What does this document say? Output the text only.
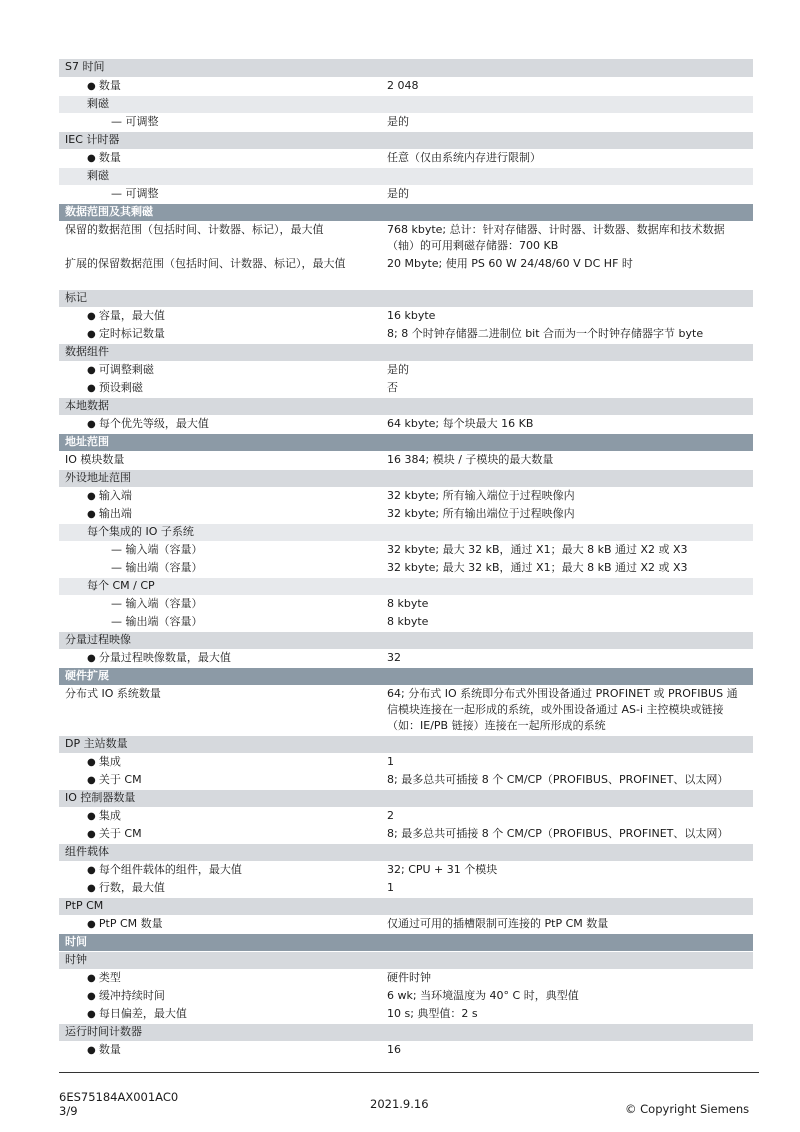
S7 时间	
● 数量	2 048
剩磁	
— 可调整	是的
IEC 计时器	
● 数量	任意（仅由系统内存进行限制）
剩磁	
— 可调整	是的
数据范围及其剩磁	
保留的数据范围（包括时间、计数器、标记），最大值	768 kbyte; 总计：针对存储器、计时器、计数器、数据库和技术数据（轴）的可用剩磁存储器：700 KB
扩展的保留数据范围（包括时间、计数器、标记），最大值	20 Mbyte; 使用 PS 60 W 24/48/60 V DC HF 时
标记	
● 容量，最大值	16 kbyte
● 定时标记数量	8; 8 个时钟存储器二进制位 bit 合而为一个时钟存储器字节 byte
数据组件	
● 可调整剩磁	是的
● 预设剩磁	否
本地数据	
● 每个优先等级，最大值	64 kbyte; 每个块最大 16 KB
地址范围	
IO 模块数量	16 384; 模块 / 子模块的最大数量
外设地址范围	
● 输入端	32 kbyte; 所有输入端位于过程映像内
● 输出端	32 kbyte; 所有输出端位于过程映像内
每个集成的 IO 子系统	
— 输入端（容量）	32 kbyte; 最大 32 kB，通过 X1；最大 8 kB 通过 X2 或 X3
— 输出端（容量）	32 kbyte; 最大 32 kB，通过 X1；最大 8 kB 通过 X2 或 X3
每个 CM / CP	
— 输入端（容量）	8 kbyte
— 输出端（容量）	8 kbyte
分量过程映像	
● 分量过程映像数量，最大值	32
硬件扩展	
分布式 IO 系统数量	64; 分布式 IO 系统即分布式外围设备通过 PROFINET 或 PROFIBUS 通信模块连接在一起形成的系统，或外围设备通过 AS-i 主控模块或链接（如：IE/PB 链接）连接在一起所形成的系统
DP 主站数量	
● 集成	1
● 关于 CM	8; 最多总共可插接 8 个 CM/CP（PROFIBUS、PROFINET、以太网）
IO 控制器数量	
● 集成	2
● 关于 CM	8; 最多总共可插接 8 个 CM/CP（PROFIBUS、PROFINET、以太网）
组件载体	
● 每个组件载体的组件，最大值	32; CPU + 31 个模块
● 行数，最大值	1
PtP CM	
● PtP CM 数量	仅通过可用的插槽限制可连接的 PtP CM 数量
时间	
时钟	
● 类型	硬件时钟
● 缓冲持续时间	6 wk; 当环境温度为 40° C 时，典型值
● 每日偏差，最大值	10 s; 典型值：2 s
运行时间计数器	
● 数量	16
6ES75184AX001AC0
3/9	2021.9.16	© Copyright Siemens
